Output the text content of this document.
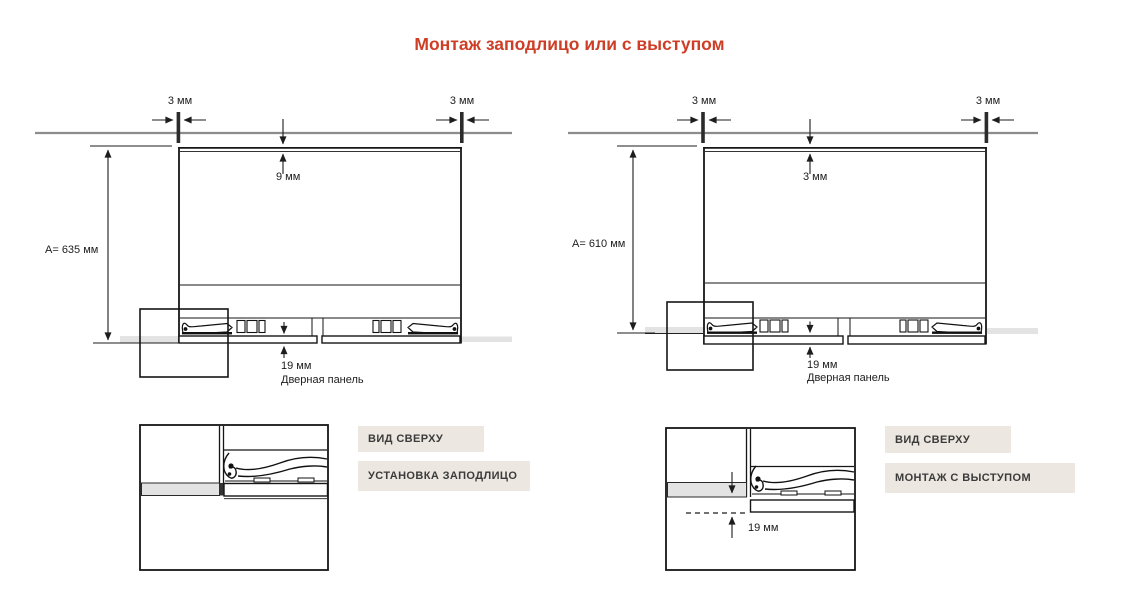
Монтаж заподлицо или с выступом
3 мм	3 мм
9 мм
A= 635 мм
19 мм
Дверная панель
3 мм	3 мм
3 мм
A= 610 мм
19 мм
Дверная панель
ВИД СВЕРХУ
УСТАНОВКА ЗАПОДЛИЦО
ВИД СВЕРХУ
МОНТАЖ С ВЫСТУПОМ
19 мм
